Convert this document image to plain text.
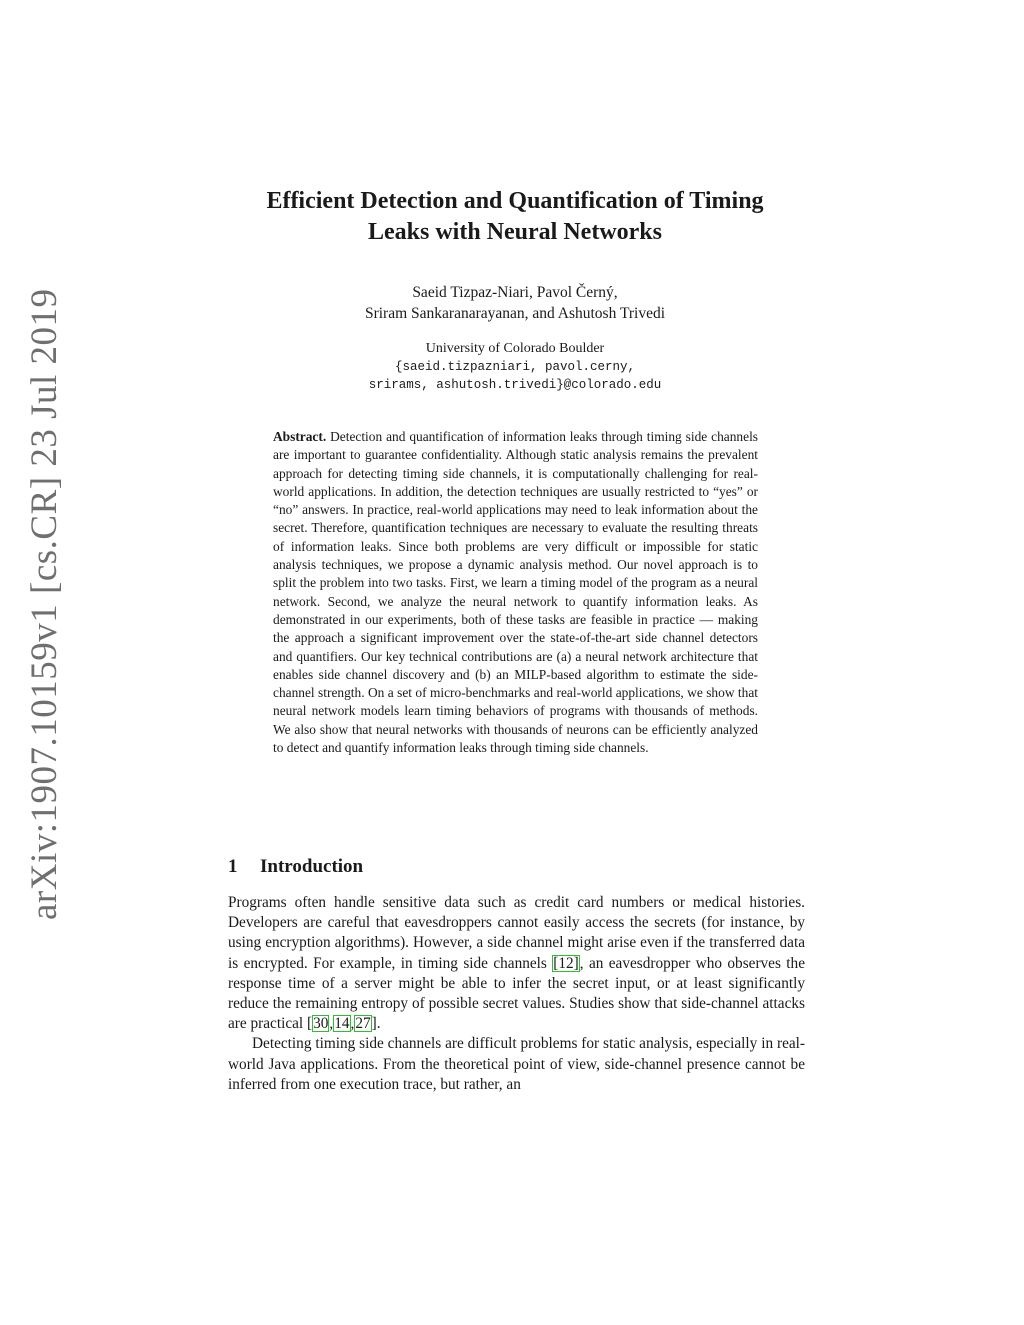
arXiv:1907.10159v1 [cs.CR] 23 Jul 2019
Efficient Detection and Quantification of Timing
Leaks with Neural Networks
Saeid Tizpaz-Niari, Pavol Černý,
Sriram Sankaranarayanan, and Ashutosh Trivedi
University of Colorado Boulder
{saeid.tizpazniari, pavol.cerny,
srirams, ashutosh.trivedi}@colorado.edu
Abstract. Detection and quantification of information leaks through timing side channels are important to guarantee confidentiality. Although static analysis remains the prevalent approach for detecting timing side channels, it is computationally challenging for real-world applications. In addition, the detection techniques are usually restricted to “yes” or “no” answers. In practice, real-world applications may need to leak information about the secret. Therefore, quantification techniques are necessary to evaluate the resulting threats of information leaks. Since both problems are very difficult or impossible for static analysis techniques, we propose a dynamic analysis method. Our novel approach is to split the problem into two tasks. First, we learn a timing model of the program as a neural network. Second, we analyze the neural network to quantify information leaks. As demonstrated in our experiments, both of these tasks are feasible in practice — making the approach a significant improvement over the state-of-the-art side channel detectors and quantifiers. Our key technical contributions are (a) a neural network architecture that enables side channel discovery and (b) an MILP-based algorithm to estimate the side-channel strength. On a set of micro-benchmarks and real-world applications, we show that neural network models learn timing behaviors of programs with thousands of methods. We also show that neural networks with thousands of neurons can be efficiently analyzed to detect and quantify information leaks through timing side channels.
1 Introduction

Programs often handle sensitive data such as credit card numbers or medical histories. Developers are careful that eavesdroppers cannot easily access the secrets (for instance, by using encryption algorithms). However, a side channel might arise even if the transferred data is encrypted. For example, in timing side channels [12], an eavesdropper who observes the response time of a server might be able to infer the secret input, or at least significantly reduce the remaining entropy of possible secret values. Studies show that side-channel attacks are practical [30,14,27].

Detecting timing side channels are difficult problems for static analysis, especially in real-world Java applications. From the theoretical point of view, side-channel presence cannot be inferred from one execution trace, but rather, an
